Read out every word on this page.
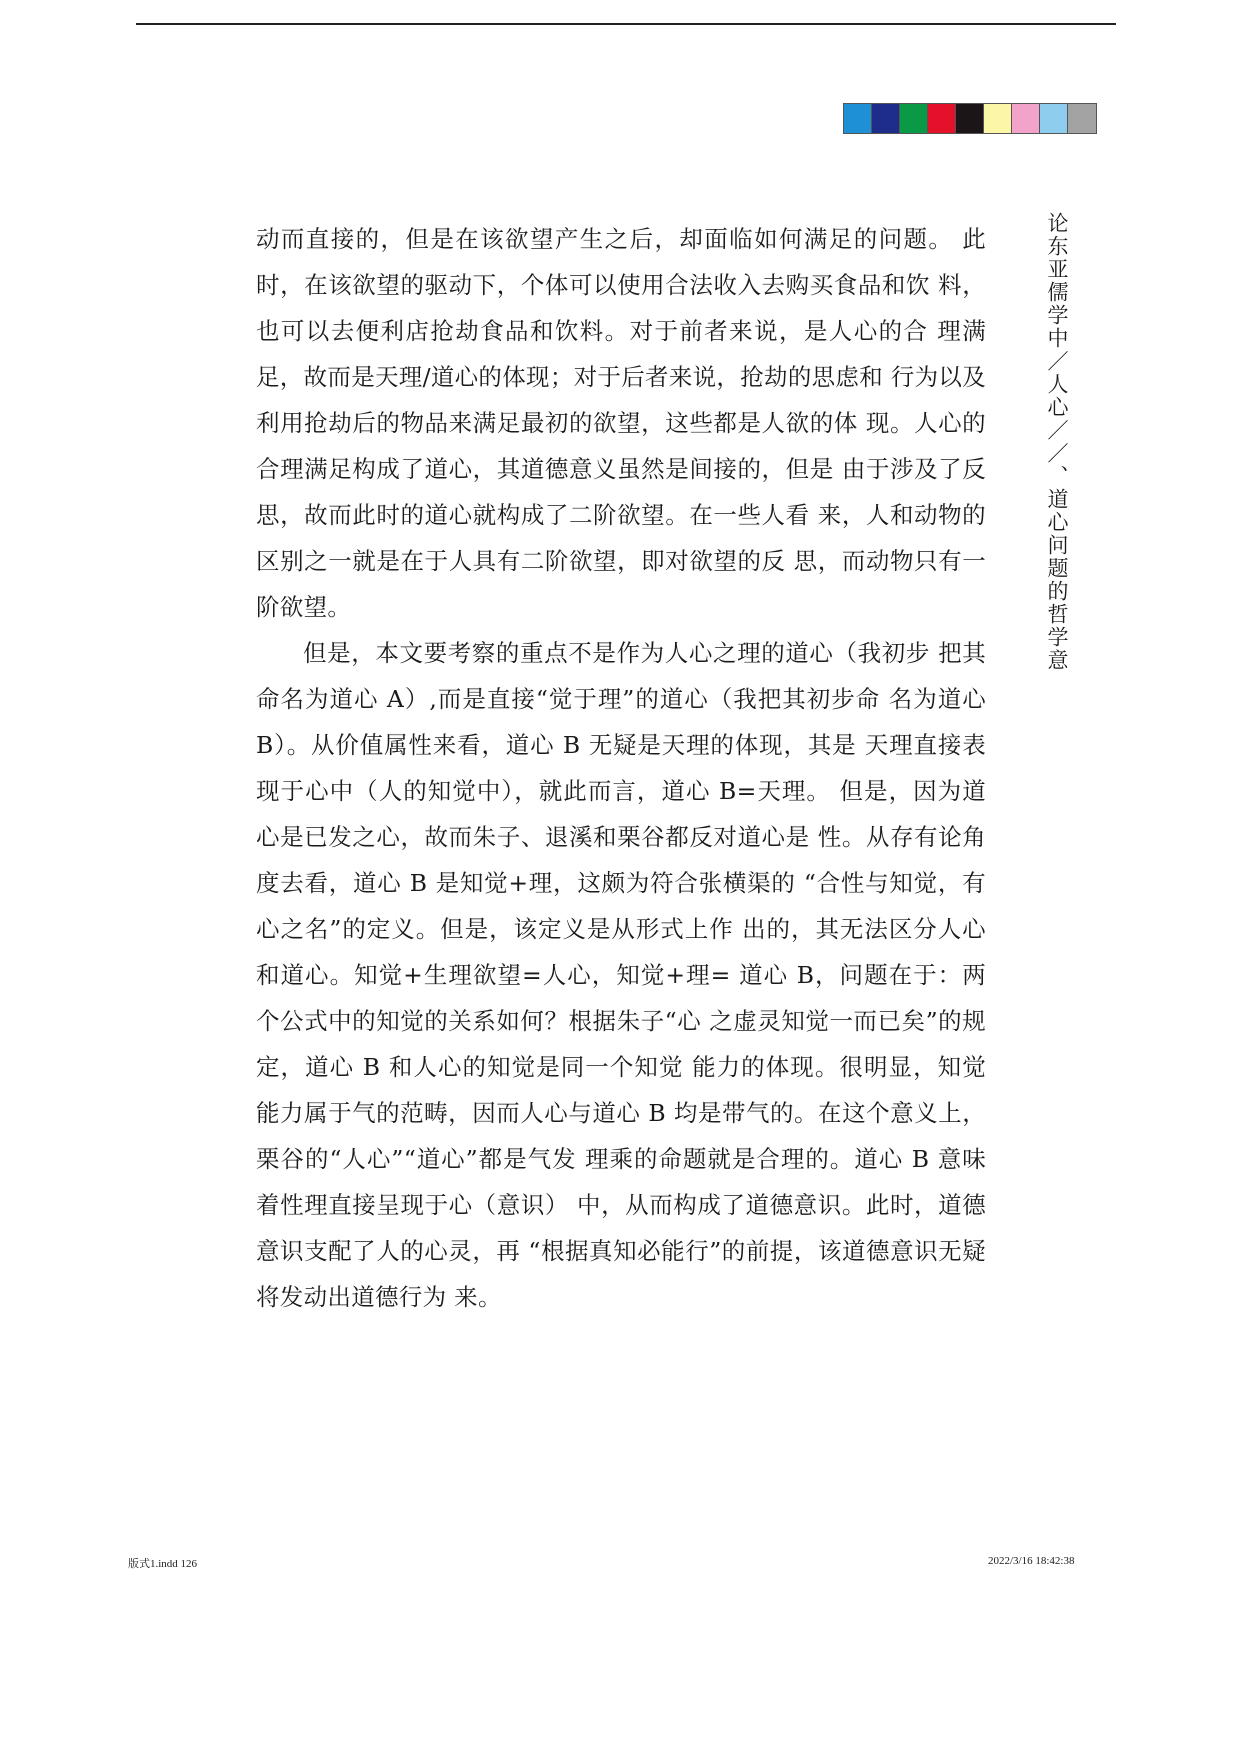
动而直接的，但是在该欲望产生之后，却面临如何满足的问题。 此时，在该欲望的驱动下，个体可以使用合法收入去购买食品和饮 料，也可以去便利店抢劫食品和饮料。对于前者来说，是人心的合 理满足，故而是天理/道心的体现；对于后者来说，抢劫的思虑和 行为以及利用抢劫后的物品来满足最初的欲望，这些都是人欲的体 现。人心的合理满足构成了道心，其道德意义虽然是间接的，但是 由于涉及了反思，故而此时的道心就构成了二阶欲望。在一些人看 来，人和动物的区别之一就是在于人具有二阶欲望，即对欲望的反 思，而动物只有一阶欲望。

但是，本文要考察的重点不是作为人心之理的道心（我初步 把其命名为道心 A）,而是直接“觉于理”的道心（我把其初步命 名为道心 B）。从价值属性来看，道心 B 无疑是天理的体现，其是 天理直接表现于心中（人的知觉中），就此而言，道心 B=天理。 但是，因为道心是已发之心，故而朱子、退溪和栗谷都反对道心是 性。从存有论角度去看，道心 B 是知觉+理，这颇为符合张横渠的 “合性与知觉，有心之名”的定义。但是，该定义是从形式上作 出的，其无法区分人心和道心。知觉+生理欲望=人心，知觉+理= 道心 B，问题在于：两个公式中的知觉的关系如何？根据朱子“心 之虚灵知觉一而已矣”的规定，道心 B 和人心的知觉是同一个知觉 能力的体现。很明显，知觉能力属于气的范畴，因而人心与道心 B 均是带气的。在这个意义上，栗谷的“人心”“道心”都是气发 理乘的命题就是合理的。道心 B 意味着性理直接呈现于心（意识） 中，从而构成了道德意识。此时，道德意识支配了人的心灵，再 “根据真知必能行”的前提，该道德意识无疑将发动出道德行为 来。

论东亚儒学中／人心／／、道心问题的哲学意
版式1.indd 126	2022/3/16 18:42:38
